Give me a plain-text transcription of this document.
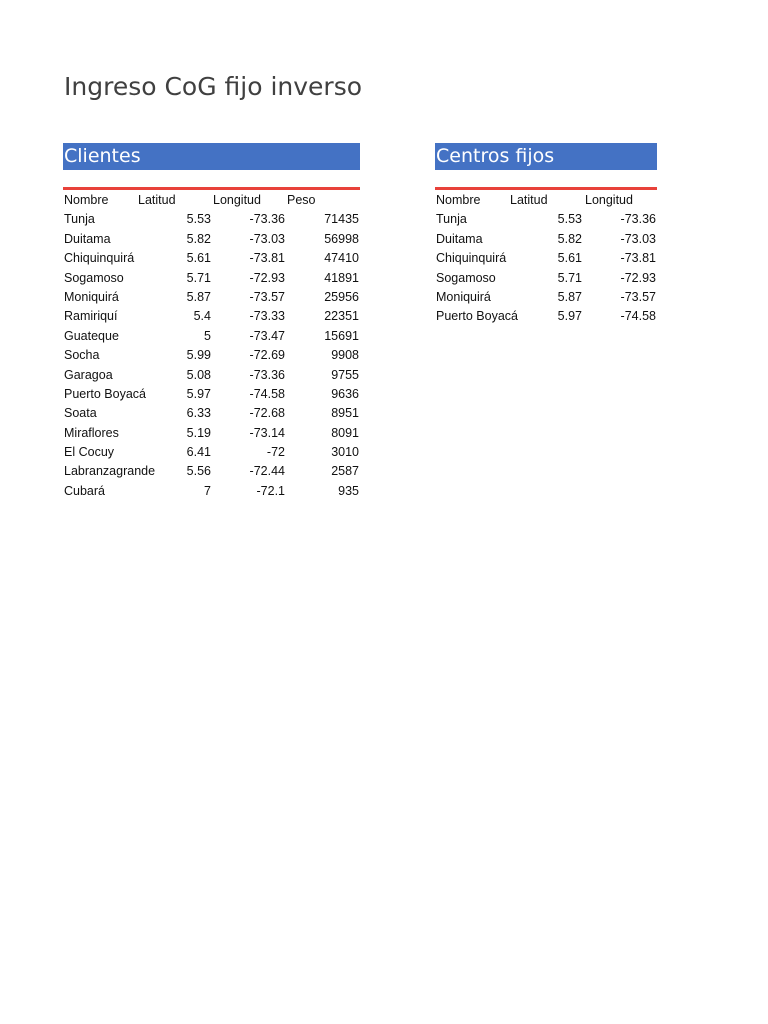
Ingreso CoG fijo inverso
Clientes
Nombre	Latitud	Longitud	Peso
Tunja	5.53	-73.36	71435
Duitama	5.82	-73.03	56998
Chiquinquirá	5.61	-73.81	47410
Sogamoso	5.71	-72.93	41891
Moniquirá	5.87	-73.57	25956
Ramiriquí	5.4	-73.33	22351
Guateque	5	-73.47	15691
Socha	5.99	-72.69	9908
Garagoa	5.08	-73.36	9755
Puerto Boyacá	5.97	-74.58	9636
Soata	6.33	-72.68	8951
Miraflores	5.19	-73.14	8091
El Cocuy	6.41	-72	3010
Labranzagrande	5.56	-72.44	2587
Cubará	7	-72.1	935
Centros fijos
Nombre	Latitud	Longitud
Tunja	5.53	-73.36
Duitama	5.82	-73.03
Chiquinquirá	5.61	-73.81
Sogamoso	5.71	-72.93
Moniquirá	5.87	-73.57
Puerto Boyacá	5.97	-74.58
